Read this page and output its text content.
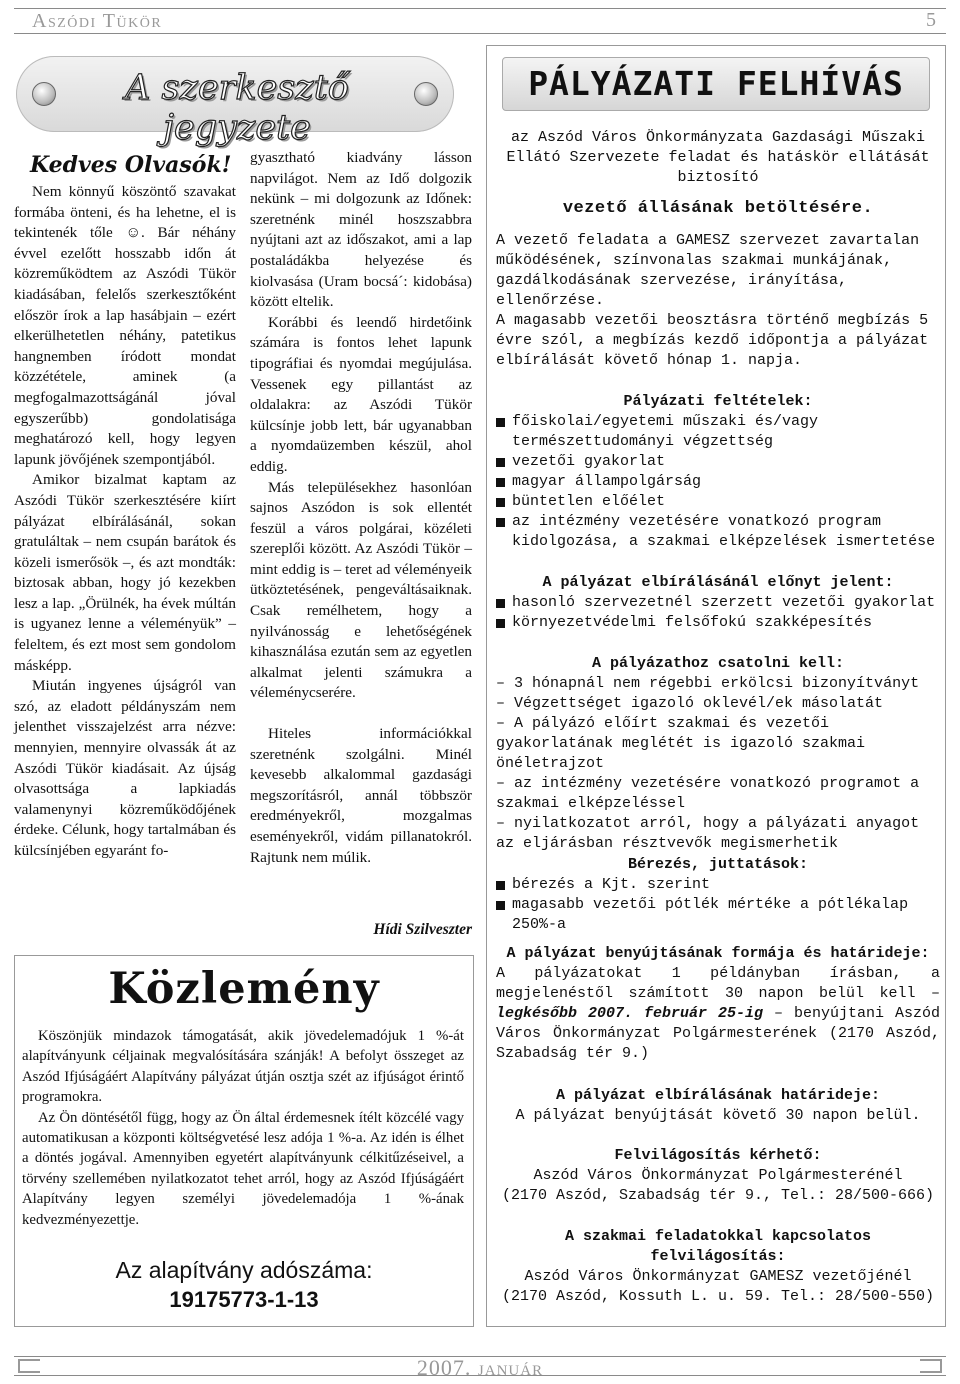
Aszódi Tükör	5
A szerkesztő jegyzete
Kedves Olvasók!

Nem könnyű köszöntő szavakat formába önteni, és ha lehetne, el is tekintenék tőle ☺. Bár néhány évvel ezelőtt hosszabb időn át közreműködtem az Aszódi Tükör kiadásában, felelős szerkesztőként először írok a lap hasábjain – ezért elkerülhetetlen néhány, patetikus hangnemben íródott mondat közzététele, aminek (a megfogalmazottságánál jóval egyszerűbb) gondolatisága meghatározó kell, hogy legyen lapunk jövőjének szempontjából.

Amikor bizalmat kaptam az Aszódi Tükör szerkesztésére kiírt pályázat elbírálásánál, sokan gratuláltak – nem csupán barátok és közeli ismerősök –, és azt mondták: biztosak abban, hogy jó kezekben lesz a lap. „Örülnék, ha évek múltán is ugyanez lenne a véleményük” – feleltem, és ezt most sem gondolom másképp.

Miután ingyenes újságról van szó, az eladott példányszám nem jelenthet visszajelzést arra nézve: mennyien, mennyire olvassák át az Aszódi Tükör kiadásait. Az újság olvasottsága a lapkiadás valamenynyi közreműködőjének érdeke. Célunk, hogy tartalmában és külcsínjében egyaránt fo-

gyasztható kiadvány lásson napvilágot. Nem az Idő dolgozik nekünk – mi dolgozunk az Időnek: szeretnénk minél hoszszabbra nyújtani azt az időszakot, ami a lap postaládákba helyezése és kiolvasása (Uram bocsá´: kidobása) között eltelik.

Korábbi és leendő hirdetőink számára is fontos lehet lapunk tipográfiai és nyomdai megújulása. Vessenek egy pillantást az oldalakra: az Aszódi Tükör külcsínje jobb lett, bár ugyanabban a nyomdaüzemben készül, ahol eddig.

Más településekhez hasonlóan sajnos Aszódon is sok ellentét feszül a város polgárai, közéleti szereplői között. Az Aszódi Tükör – mint eddig is – teret ad véleményeik ütköztetésének, pengeváltásaiknak. Csak remélhetem, hogy a nyilvánosság e lehetőségének kihasználása ezután sem az egyetlen alkalmat jelenti számukra a véleménycserére.

Hiteles információkkal szeretnénk szolgálni. Minél kevesebb alkalommal gazdasági megszorításról, annál többször eredményekről, mozgalmas eseményekről, vidám pillanatokról. Rajtunk nem múlik.

Hídi Szilveszter
Közlemény

Köszönjük mindazok támogatását, akik jövedelemadójuk 1 %-át alapítványunk céljainak megvalósítására szánják! A befolyt összeget az Aszód Ifjúságáért Alapítvány pályázat útján osztja szét az ifjúságot érintő programokra.

Az Ön döntésétől függ, hogy az Ön által érdemesnek ítélt közcélé vagy automatikusan a központi költségvetésé lesz adója 1 %-a. Az idén is élhet a döntés jogával. Amennyiben egyetért alapítványunk célkitűzéseivel, a törvény szellemében nyilatkozatot tehet arról, hogy az Aszód Ifjúságáért Alapítvány legyen személyi jövedelemadója 1 %-ának kedvezményezettje.

Az alapítvány adószáma:
19175773-1-13
PÁLYÁZATI FELHÍVÁS
az Aszód Város Önkormányzata Gazdasági Műszaki Ellátó Szervezete feladat és hatáskör ellátását biztosító
vezető állásának betöltésére.
A vezető feladata a GAMESZ szervezet zavartalan működésének, színvonalas szakmai munkájának, gazdálkodásának szervezése, irányítása, ellenőrzése.
A magasabb vezetői beosztásra történő megbízás 5 évre szól, a megbízás kezdő időpontja a pályázat elbírálását követő hónap 1. napja.
Pályázati feltételek:
főiskolai/egyetemi műszaki és/vagy természettudományi végzettség
vezetői gyakorlat
magyar állampolgárság
büntetlen előélet
az intézmény vezetésére vonatkozó program kidolgozása, a szakmai elképzelések ismertetése
A pályázat elbírálásánál előnyt jelent:
hasonló szervezetnél szerzett vezetői gyakorlat
környezetvédelmi felsőfokú szakképesítés
A pályázathoz csatolni kell:
– 3 hónapnál nem régebbi erkölcsi bizonyítványt
– Végzettséget igazoló oklevél/ek másolatát
– A pályázó előírt szakmai és vezetői gyakorlatának meglétét is igazoló szakmai önéletrajzot
– az intézmény vezetésére vonatkozó programot a szakmai elképzeléssel
– nyilatkozatot arról, hogy a pályázati anyagot az eljárásban résztvevők megismerhetik
Bérezés, juttatások:
bérezés a Kjt. szerint
magasabb vezetői pótlék mértéke a pótlékalap 250%-a
A pályázat benyújtásának formája és határideje:
A pályázatokat 1 példányban írásban, a megjelenéstől számított 30 napon belül kell – legkésőbb 2007. február 25-ig – benyújtani Aszód Város Önkormányzat Polgármesterének (2170 Aszód, Szabadság tér 9.)
A pályázat elbírálásának határideje:
A pályázat benyújtását követő 30 napon belül.
Felvilágosítás kérhető:
Aszód Város Önkormányzat Polgármesterénél
(2170 Aszód, Szabadság tér 9., Tel.: 28/500-666)
A szakmai feladatokkal kapcsolatos felvilágosítás:
Aszód Város Önkormányzat GAMESZ vezetőjénél
(2170 Aszód, Kossuth L. u. 59. Tel.: 28/500-550)
2007. január
